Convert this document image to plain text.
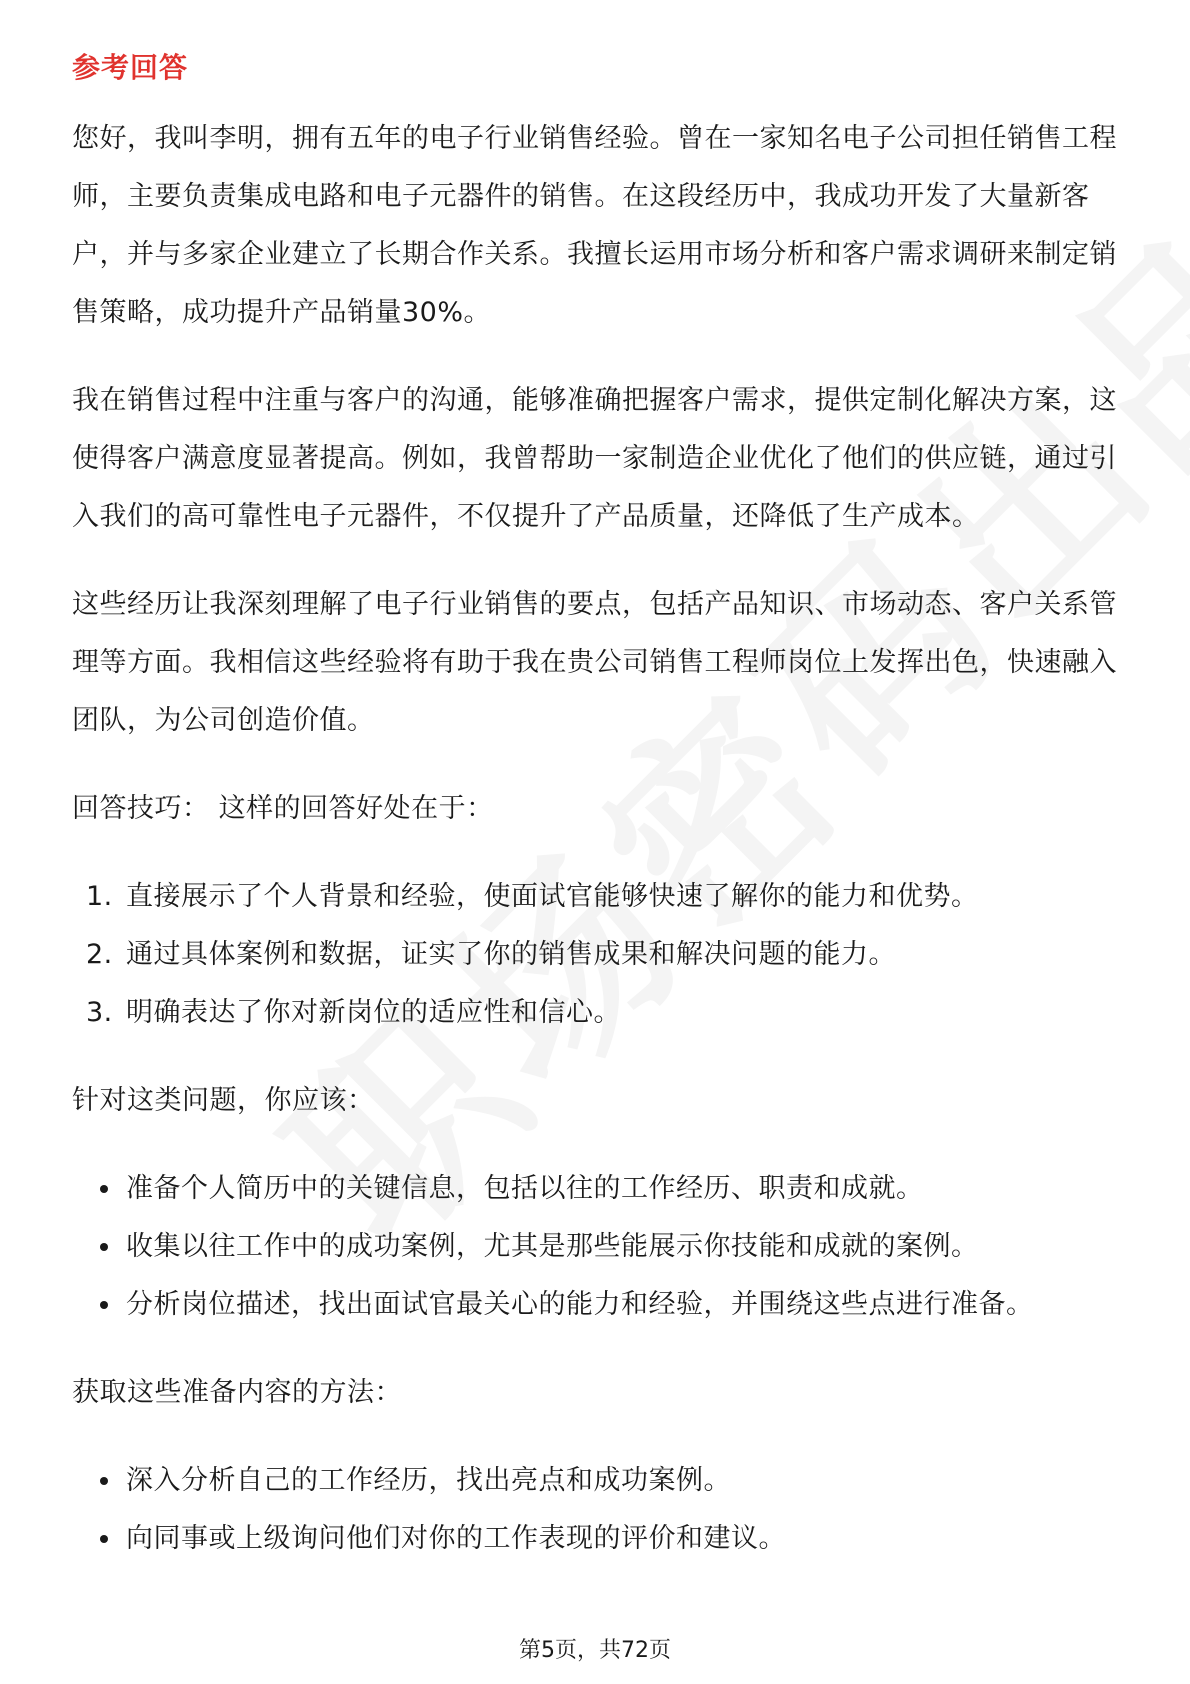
参考回答

您好，我叫李明，拥有五年的电子行业销售经验。曾在一家知名电子公司担任销售工程师，主要负责集成电路和电子元器件的销售。在这段经历中，我成功开发了大量新客户，并与多家企业建立了长期合作关系。我擅长运用市场分析和客户需求调研来制定销售策略，成功提升产品销量30%。

我在销售过程中注重与客户的沟通，能够准确把握客户需求，提供定制化解决方案，这使得客户满意度显著提高。例如，我曾帮助一家制造企业优化了他们的供应链，通过引入我们的高可靠性电子元器件，不仅提升了产品质量，还降低了生产成本。

这些经历让我深刻理解了电子行业销售的要点，包括产品知识、市场动态、客户关系管理等方面。我相信这些经验将有助于我在贵公司销售工程师岗位上发挥出色，快速融入团队，为公司创造价值。

回答技巧： 这样的回答好处在于：
1. 直接展示了个人背景和经验，使面试官能够快速了解你的能力和优势。
2. 通过具体案例和数据，证实了你的销售成果和解决问题的能力。
3. 明确表达了你对新岗位的适应性和信心。
针对这类问题，你应该：
准备个人简历中的关键信息，包括以往的工作经历、职责和成就。
收集以往工作中的成功案例，尤其是那些能展示你技能和成就的案例。
分析岗位描述，找出面试官最关心的能力和经验，并围绕这些点进行准备。
获取这些准备内容的方法：
深入分析自己的工作经历，找出亮点和成功案例。
向同事或上级询问他们对你的工作表现的评价和建议。
第5页，共72页
